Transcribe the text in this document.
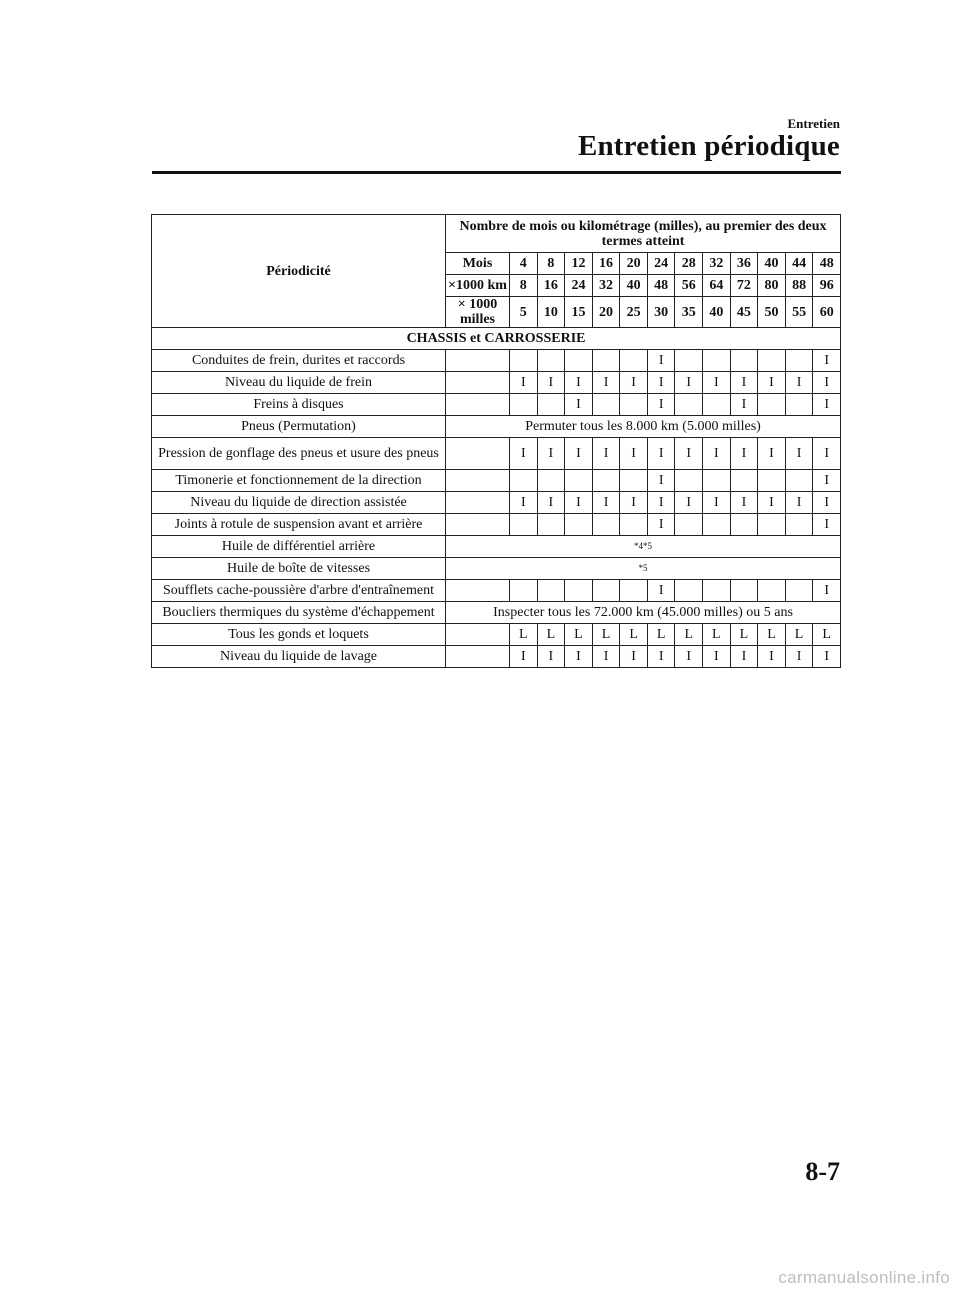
Entretien
Entretien périodique
Périodicité	Nombre de mois ou kilométrage (milles), au premier des deux termes atteint												
	Mois	4	8	12	16	20	24	28	32	36	40	44	48
	×1000 km	8	16	24	32	40	48	56	64	72	80	88	96
	× 1000 milles	5	10	15	20	25	30	35	40	45	50	55	60
CHASSIS et CARROSSERIE													
Conduites de frein, durites et raccords							I						I
Niveau du liquide de frein		I	I	I	I	I	I	I	I	I	I	I	I
Freins à disques				I			I			I			I
Pneus (Permutation)	Permuter tous les 8.000 km (5.000 milles)												
Pression de gonflage des pneus et usure des pneus		I	I	I	I	I	I	I	I	I	I	I	I
Timonerie et fonctionnement de la direction							I						I
Niveau du liquide de direction assistée		I	I	I	I	I	I	I	I	I	I	I	I
Joints à rotule de suspension avant et arrière							I						I
Huile de différentiel arrière	*4*5												
Huile de boîte de vitesses	*5												
Soufflets cache-poussière d'arbre d'entraînement							I						I
Boucliers thermiques du système d'échappement	Inspecter tous les 72.000 km (45.000 milles) ou 5 ans												
Tous les gonds et loquets		L	L	L	L	L	L	L	L	L	L	L	L
Niveau du liquide de lavage		I	I	I	I	I	I	I	I	I	I	I	I
8-7
carmanualsonline.info
